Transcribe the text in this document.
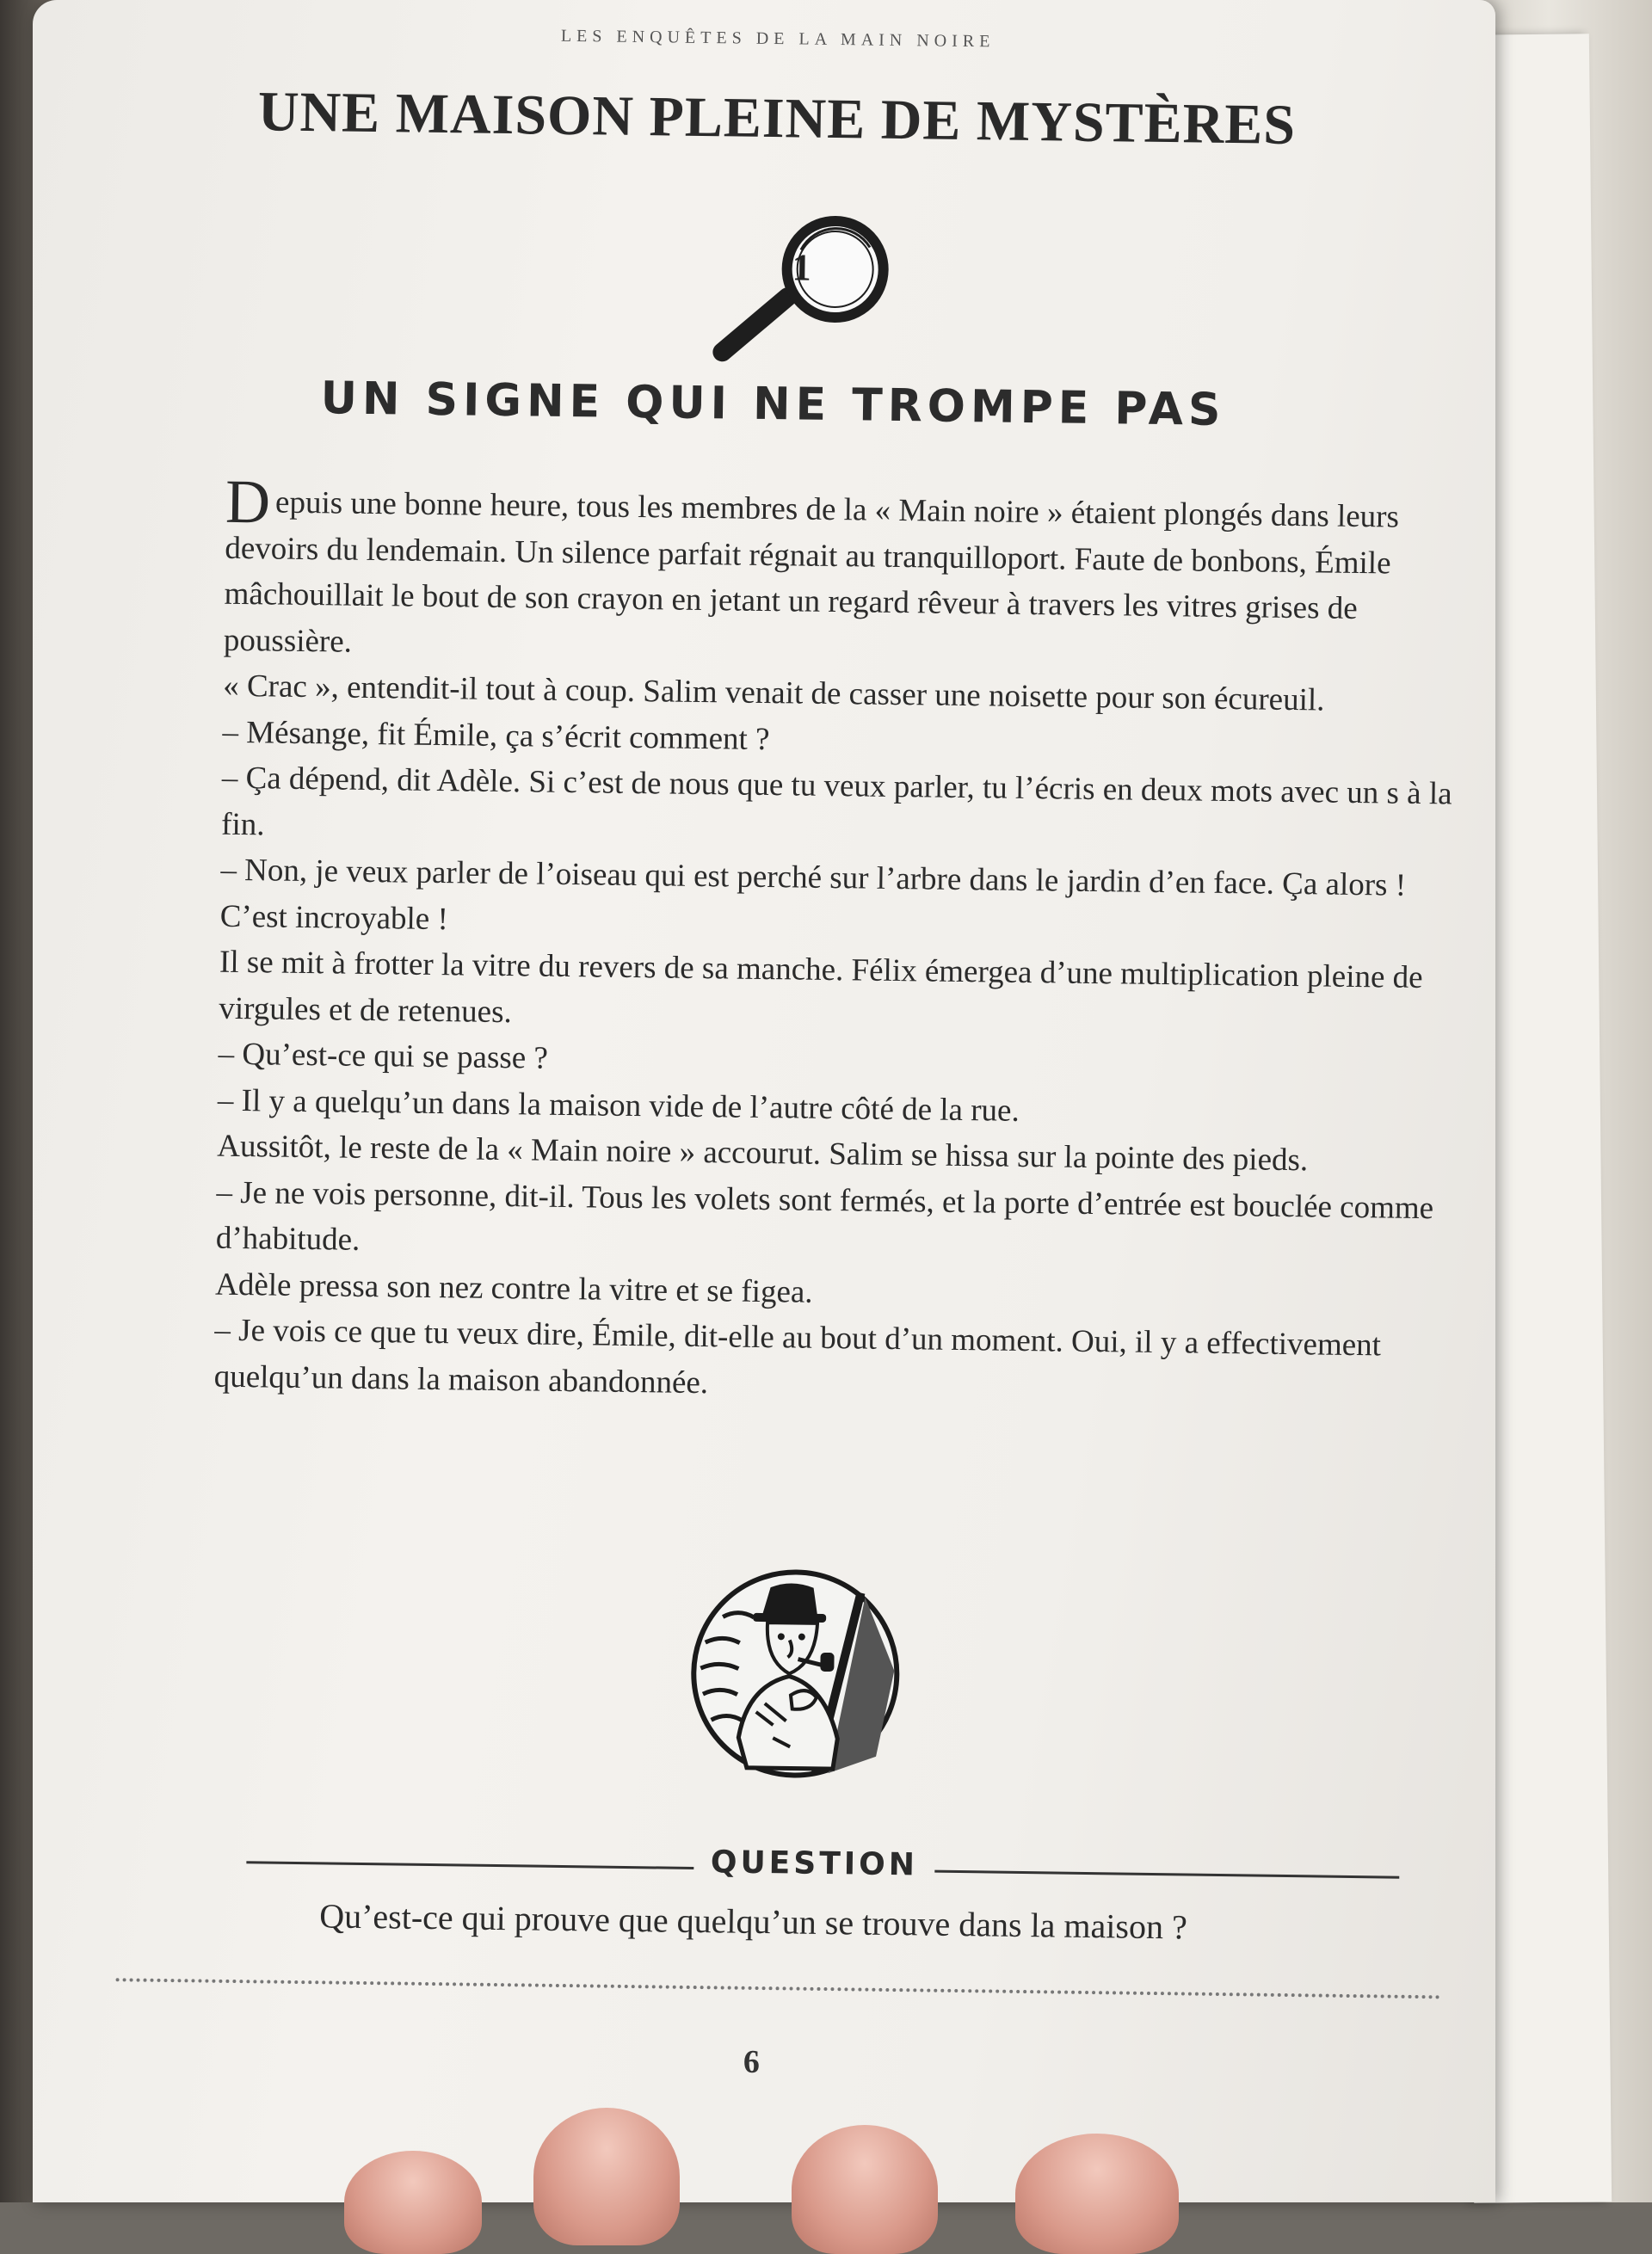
LES ENQUÊTES DE LA MAIN NOIRE
UNE MAISON PLEINE DE MYSTÈRES
1
UN SIGNE QUI NE TROMPE PAS

Depuis une bonne heure, tous les membres de la « Main noire » étaient plongés dans leurs devoirs du lendemain. Un silence parfait régnait au tranquilloport. Faute de bonbons, Émile mâchouillait le bout de son crayon en jetant un regard rêveur à travers les vitres grises de poussière.

« Crac », entendit-il tout à coup. Salim venait de casser une noisette pour son écureuil.

– Mésange, fit Émile, ça s’écrit comment ?

– Ça dépend, dit Adèle. Si c’est de nous que tu veux parler, tu l’écris en deux mots avec un s à la fin.

– Non, je veux parler de l’oiseau qui est perché sur l’arbre dans le jardin d’en face. Ça alors ! C’est incroyable !

Il se mit à frotter la vitre du revers de sa manche. Félix émergea d’une multiplication pleine de virgules et de retenues.

– Qu’est-ce qui se passe ?

– Il y a quelqu’un dans la maison vide de l’autre côté de la rue.

Aussitôt, le reste de la « Main noire » accourut. Salim se hissa sur la pointe des pieds.

– Je ne vois personne, dit-il. Tous les volets sont fermés, et la porte d’entrée est bouclée comme d’habitude.

Adèle pressa son nez contre la vitre et se figea.

– Je vois ce que tu veux dire, Émile, dit-elle au bout d’un moment. Oui, il y a effectivement quelqu’un dans la maison abandonnée.

QUESTION
Qu’est-ce qui prouve que quelqu’un se trouve dans la maison ?
6
